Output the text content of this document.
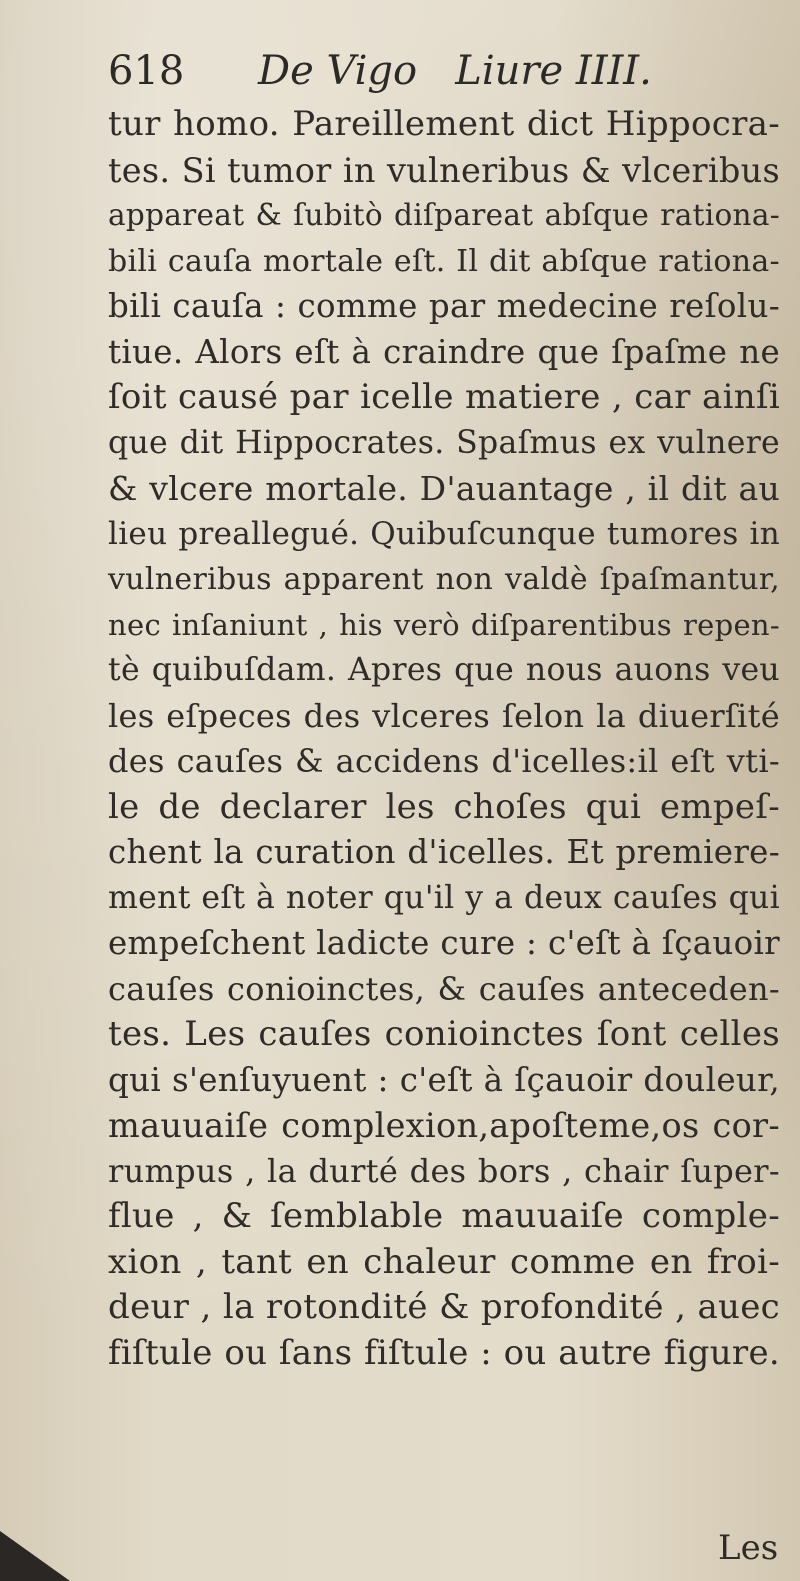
618 De Vigo   Liure IIII.
tur homo. Pareillement dict Hippocra-
tes. Si tumor in vulneribus & vlceribus
appareat & ſubitò diſpareat abſque rationa-
bili cauſa mortale eſt. Il dit abſque rationa-
bili cauſa : comme par medecine reſolu-
tiue. Alors eſt à craindre que ſpaſme ne
ſoit causé par icelle matiere , car ainſi
que dit Hippocrates. Spaſmus ex vulnere
& vlcere mortale. D'auantage , il dit au
lieu preallegué. Quibuſcunque tumores in
vulneribus apparent non valdè ſpaſmantur,
nec inſaniunt , his verò diſparentibus repen-
tè quibuſdam. Apres que nous auons veu
les eſpeces des vlceres ſelon la diuerſité
des cauſes & accidens d'icelles:il eſt vti-
le de declarer les choſes qui empeſ-
chent la curation d'icelles. Et premiere-
ment eſt à noter qu'il y a deux cauſes qui
empeſchent ladicte cure : c'eſt à ſçauoir
cauſes conioinctes, & cauſes anteceden-
tes. Les cauſes conioinctes ſont celles
qui s'enſuyuent : c'eſt à ſçauoir douleur,
mauuaiſe complexion,apoſteme,os cor-
rumpus , la durté des bors , chair ſuper-
flue , & ſemblable mauuaiſe comple-
xion , tant en chaleur comme en froi-
deur , la rotondité & profondité , auec
fiſtule ou ſans fiſtule : ou autre figure.
Les
